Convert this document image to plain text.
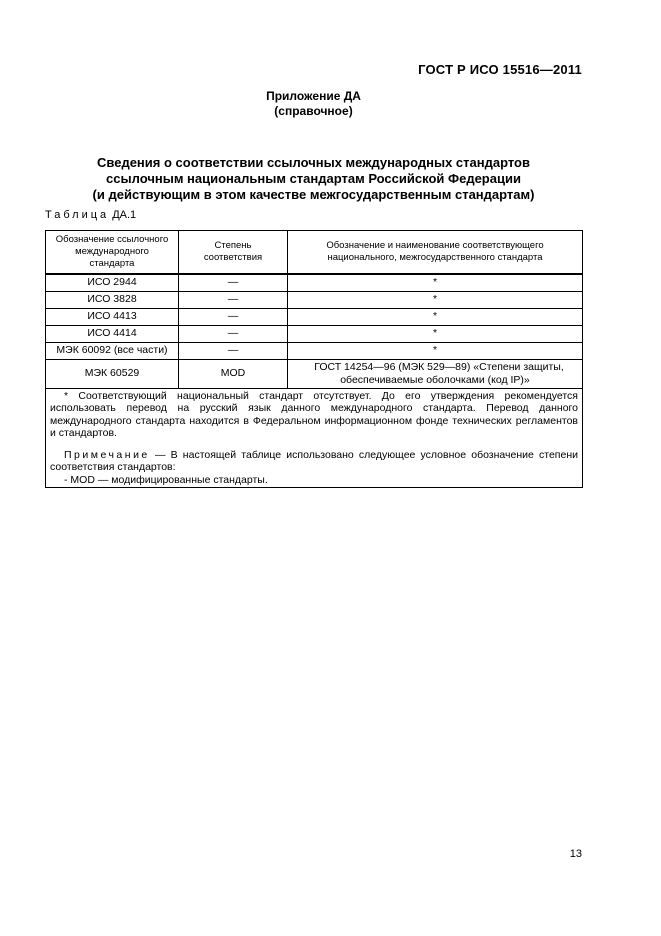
ГОСТ Р ИСО 15516—2011
Приложение ДА
(справочное)
Сведения о соответствии ссылочных международных стандартов
ссылочным национальным стандартам Российской Федерации
(и действующим в этом качестве межгосударственным стандартам)
Таблица ДА.1
Обозначение ссылочного международного стандарта	Степень соответствия	Обозначение и наименование соответствующего национального, межгосударственного стандарта
ИСО 2944	—	*
ИСО 3828	—	*
ИСО 4413	—	*
ИСО 4414	—	*
МЭК 60092 (все части)	—	*
МЭК 60529	MOD	ГОСТ 14254—96 (МЭК 529—89) «Степени защиты, обеспечиваемые оболочками (код IP)»

* Соответствующий национальный стандарт отсутствует. До его утверждения рекомендуется использовать перевод на русский язык данного международного стандарта. Перевод данного международного стандарта находится в Федеральном информационном фонде технических регламентов и стандартов.

Примечание — В настоящей таблице использовано следующее условное обозначение степени соответствия стандартов:

- MOD — модифицированные стандарты.		

13
